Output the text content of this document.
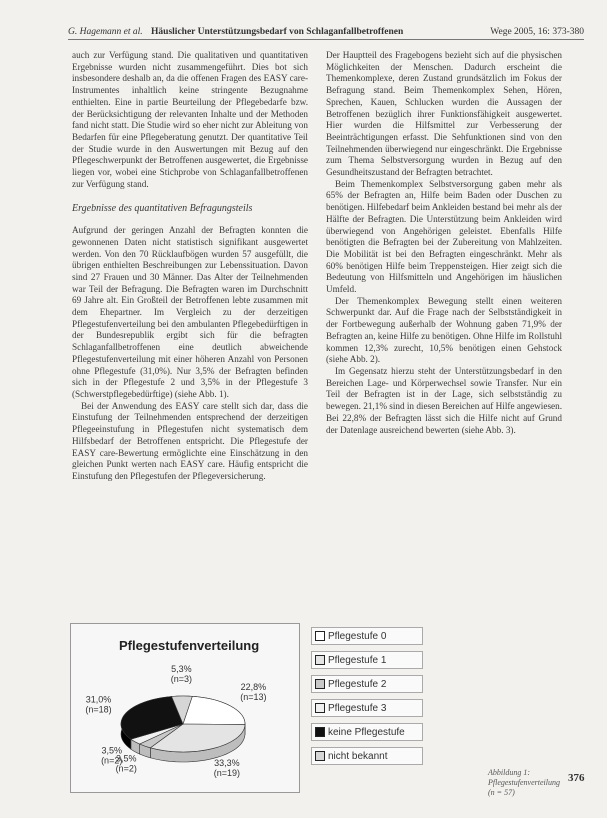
G. Hagemann et al. Häuslicher Unterstützungsbedarf von Schlaganfallbetroffenen	Wege 2005, 16: 373-380

auch zur Verfügung stand. Die qualitativen und quantitativen Ergebnisse wurden nicht zusammengeführt. Dies bot sich insbesondere deshalb an, da die offenen Fragen des EASY care-Instrumentes inhaltlich keine stringente Bezugnahme enthielten. Eine in partie Beurteilung der Pflegebedarfe bzw. der Berücksichtigung der relevanten Inhalte und der Methoden fand nicht statt. Die Studie wird so eher nicht zur Ableitung von Bedarfen für eine Pflegeberatung genutzt. Der quantitative Teil der Studie wurde in den Auswertungen mit Bezug auf den Pflegeschwerpunkt der Betroffenen ausgewertet, die Ergebnisse liegen vor, wobei eine Stichprobe von Schlaganfallbetroffenen zur Verfügung stand.

Ergebnisse des quantitativen Befragungsteils

Aufgrund der geringen Anzahl der Befragten konnten die gewonnenen Daten nicht statistisch signifikant ausgewertet werden. Von den 70 Rücklaufbögen wurden 57 ausgefüllt, die übrigen enthielten Beschreibungen zur Lebenssituation. Davon sind 27 Frauen und 30 Männer. Das Alter der Teilnehmenden war Teil der Befragung. Die Befragten waren im Durchschnitt 69 Jahre alt. Ein Großteil der Betroffenen lebte zusammen mit dem Ehepartner. Im Vergleich zu der derzeitigen Pflegestufenverteilung bei den ambulanten Pflegebedürftigen in der Bundesrepublik ergibt sich für die befragten Schlaganfallbetroffenen eine deutlich abweichende Pflegestufenverteilung mit einer höheren Anzahl von Personen ohne Pflegestufe (31,0%). Nur 3,5% der Befragten befinden sich in der Pflegestufe 2 und 3,5% in der Pflegestufe 3 (Schwerstpflegebedürftige) (siehe Abb. 1).

Bei der Anwendung des EASY care stellt sich dar, dass die Einstufung der Teilnehmenden entsprechend der derzeitigen Pflegeeinstufung in Pflegestufen nicht systematisch dem Hilfsbedarf der Betroffenen entspricht. Die Pflegestufe der EASY care-Bewertung ermöglichte eine Einschätzung in den gleichen Punkt werten nach EASY care. Häufig entspricht die Einstufung den Pflegestufen der Pflegeversicherung.

Der Hauptteil des Fragebogens bezieht sich auf die physischen Möglichkeiten der Menschen. Dadurch erscheint die Themenkomplexe, deren Zustand grundsätzlich im Fokus der Befragung stand. Beim Themenkomplex Sehen, Hören, Sprechen, Kauen, Schlucken wurden die Aussagen der Betroffenen bezüglich ihrer Funktionsfähigkeit ausgewertet. Hier wurden die Hilfsmittel zur Verbesserung der Beeinträchtigungen erfasst. Die Sehfunktionen sind von den Teilnehmenden überwiegend nur eingeschränkt. Die Ergebnisse zum Thema Selbstversorgung wurden in Bezug auf den Gesundheitszustand der Befragten betrachtet.

Beim Themenkomplex Selbstversorgung gaben mehr als 65% der Befragten an, Hilfe beim Baden oder Duschen zu benötigen. Hilfebedarf beim Ankleiden bestand bei mehr als der Hälfte der Befragten. Die Unterstützung beim Ankleiden wird überwiegend von Angehörigen geleistet. Ebenfalls Hilfe benötigten die Befragten bei der Zubereitung von Mahlzeiten. Die Mobilität ist bei den Befragten eingeschränkt. Mehr als 60% benötigen Hilfe beim Treppensteigen. Hier zeigt sich die Bedeutung von Hilfsmitteln und Angehörigen im häuslichen Umfeld.

Der Themenkomplex Bewegung stellt einen weiteren Schwerpunkt dar. Auf die Frage nach der Selbstständigkeit in der Fortbewegung außerhalb der Wohnung gaben 71,9% der Befragten an, keine Hilfe zu benötigen. Ohne Hilfe im Rollstuhl kommen 12,3% zurecht, 10,5% benötigen einen Gehstock (siehe Abb. 2).

Im Gegensatz hierzu steht der Unterstützungsbedarf in den Bereichen Lage- und Körperwechsel sowie Transfer. Nur ein Teil der Befragten ist in der Lage, sich selbstständig zu bewegen. 21,1% sind in diesen Bereichen auf Hilfe angewiesen. Bei 22,8% der Befragten lässt sich die Hilfe nicht auf Grund der Datenlage ausreichend bewerten (siehe Abb. 3).

Pflegestufenverteilung
22,8% (n=13)
33,3% (n=19)
3,5% (n=2)
3,5% (n=2)
31,0% (n=18)
5,3% (n=3)
Pflegestufe 0
Pflegestufe 1
Pflegestufe 2
Pflegestufe 3
keine Pflegestufe
nicht bekannt
Abbildung 1: Pflegestufenverteilung (n = 57)
376
